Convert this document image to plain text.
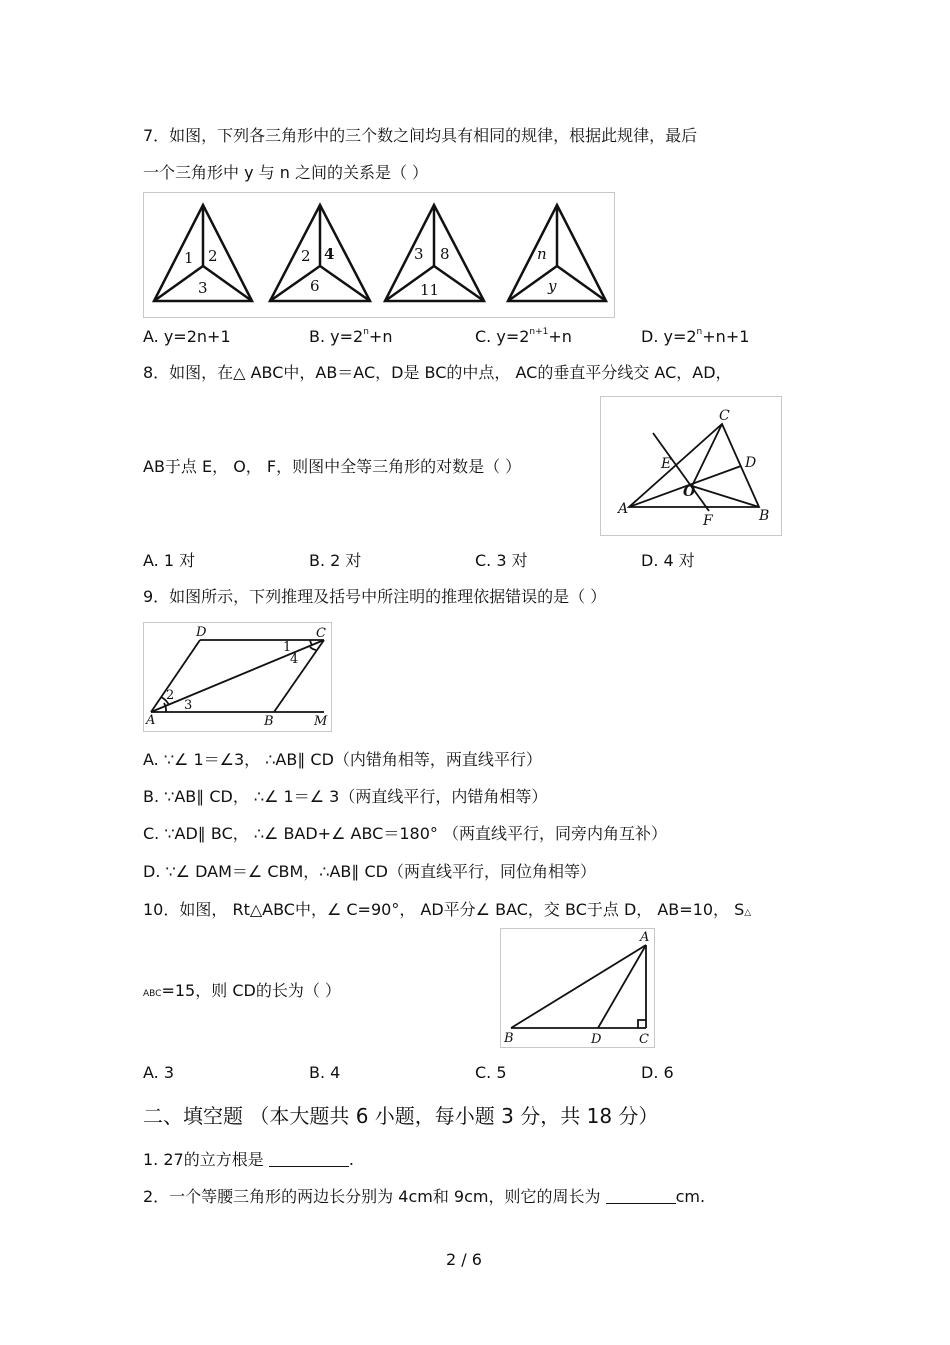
7．如图，下列各三角形中的三个数之间均具有相同的规律，根据此规律，最后
一个三角形中 y 与 n 之间的关系是（ ）
1 2
3
2 4
6
3 8
11
n
y
A. y=2n+1	B. $y=2^n+n$	C. $y=2^{n+1}+n$	D. $y=2^n+n+1$
8．如图，在△ ABC中，AB＝AC，D是 BC的中点， AC的垂直平分线交 AC，AD，
AB于点 E， O， F，则图中全等三角形的对数是（ ）
A	B
C
D
E
O
F
A. 1 对	B. 2 对	C. 3 对	D. 4 对
9．如图所示，下列推理及括号中所注明的推理依据错误的是（ ）
A	B
C
D
M
1
2
3
4
A. ∵∠ 1＝∠3， ∴AB∥ CD（内错角相等，两直线平行）
B. ∵AB∥ CD， ∴∠ 1＝∠ 3（两直线平行，内错角相等）
C. ∵AD∥ BC， ∴∠ BAD+∠ ABC＝180° （两直线平行，同旁内角互补）
D. ∵∠ DAM＝∠ CBM，∴AB∥ CD（两直线平行，同位角相等）
10．如图， Rt△ABC中，∠ C=90°， AD平分∠ BAC，交 BC于点 D， AB=10， S△
ABC=15，则 CD的长为（ ）
A
B	C
D
A. 3	B. 4	C. 5	D. 6
二、填空题 （本大题共 6 小题，每小题 3 分，共 18 分）
1. 27的立方根是	.
2．一个等腰三角形的两边长分别为 4cm和 9cm，则它的周长为	cm.
2 / 6
